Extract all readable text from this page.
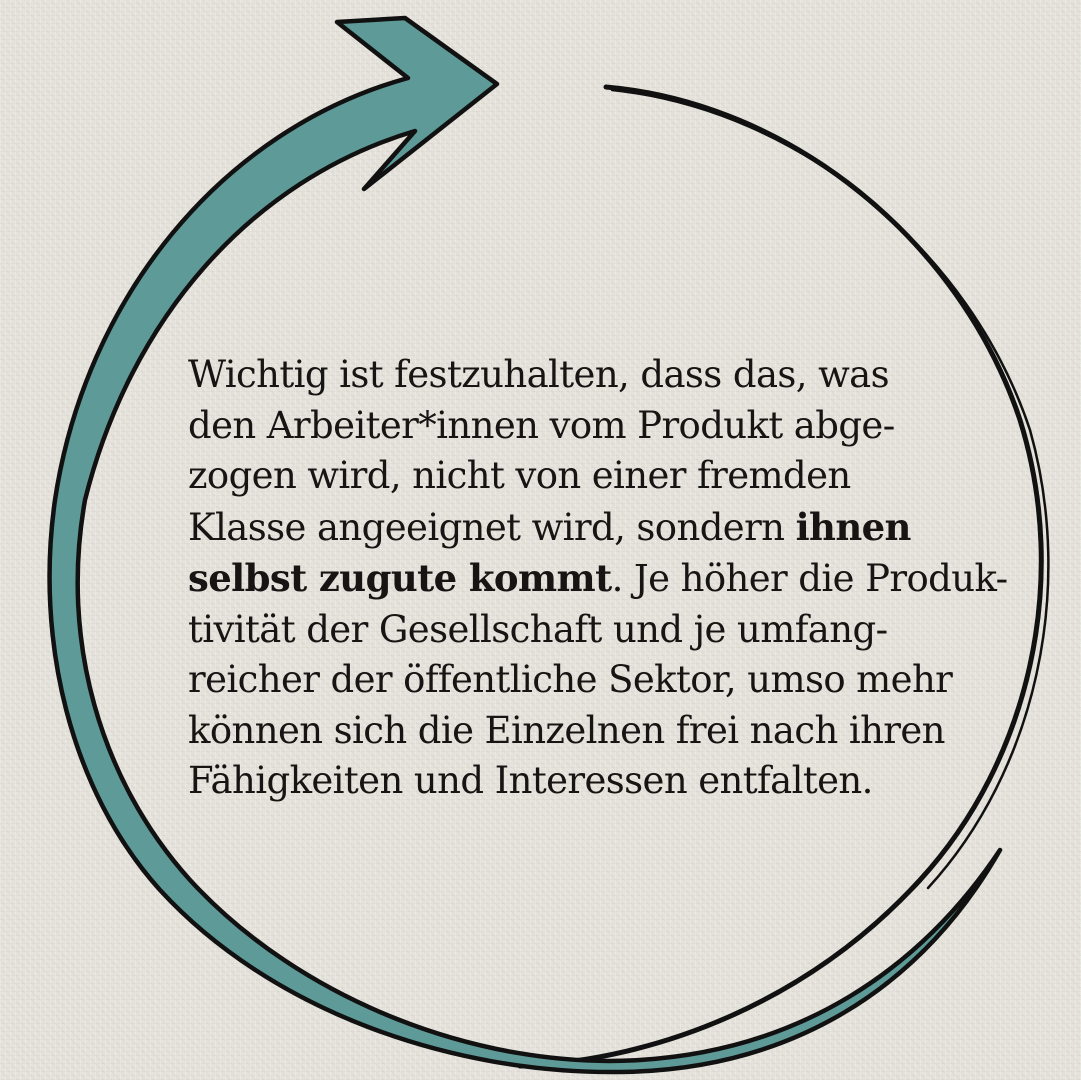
Wichtig ist festzuhalten, dass das, was
den Arbeiter*innen vom Produkt abge-
zogen wird, nicht von einer fremden
Klasse angeeignet wird, sondern ihnen
selbst zugute kommt. Je höher die Produk-
tivität der Gesellschaft und je umfang-
reicher der öffentliche Sektor, umso mehr
können sich die Einzelnen frei nach ihren
Fähigkeiten und Interessen entfalten.
